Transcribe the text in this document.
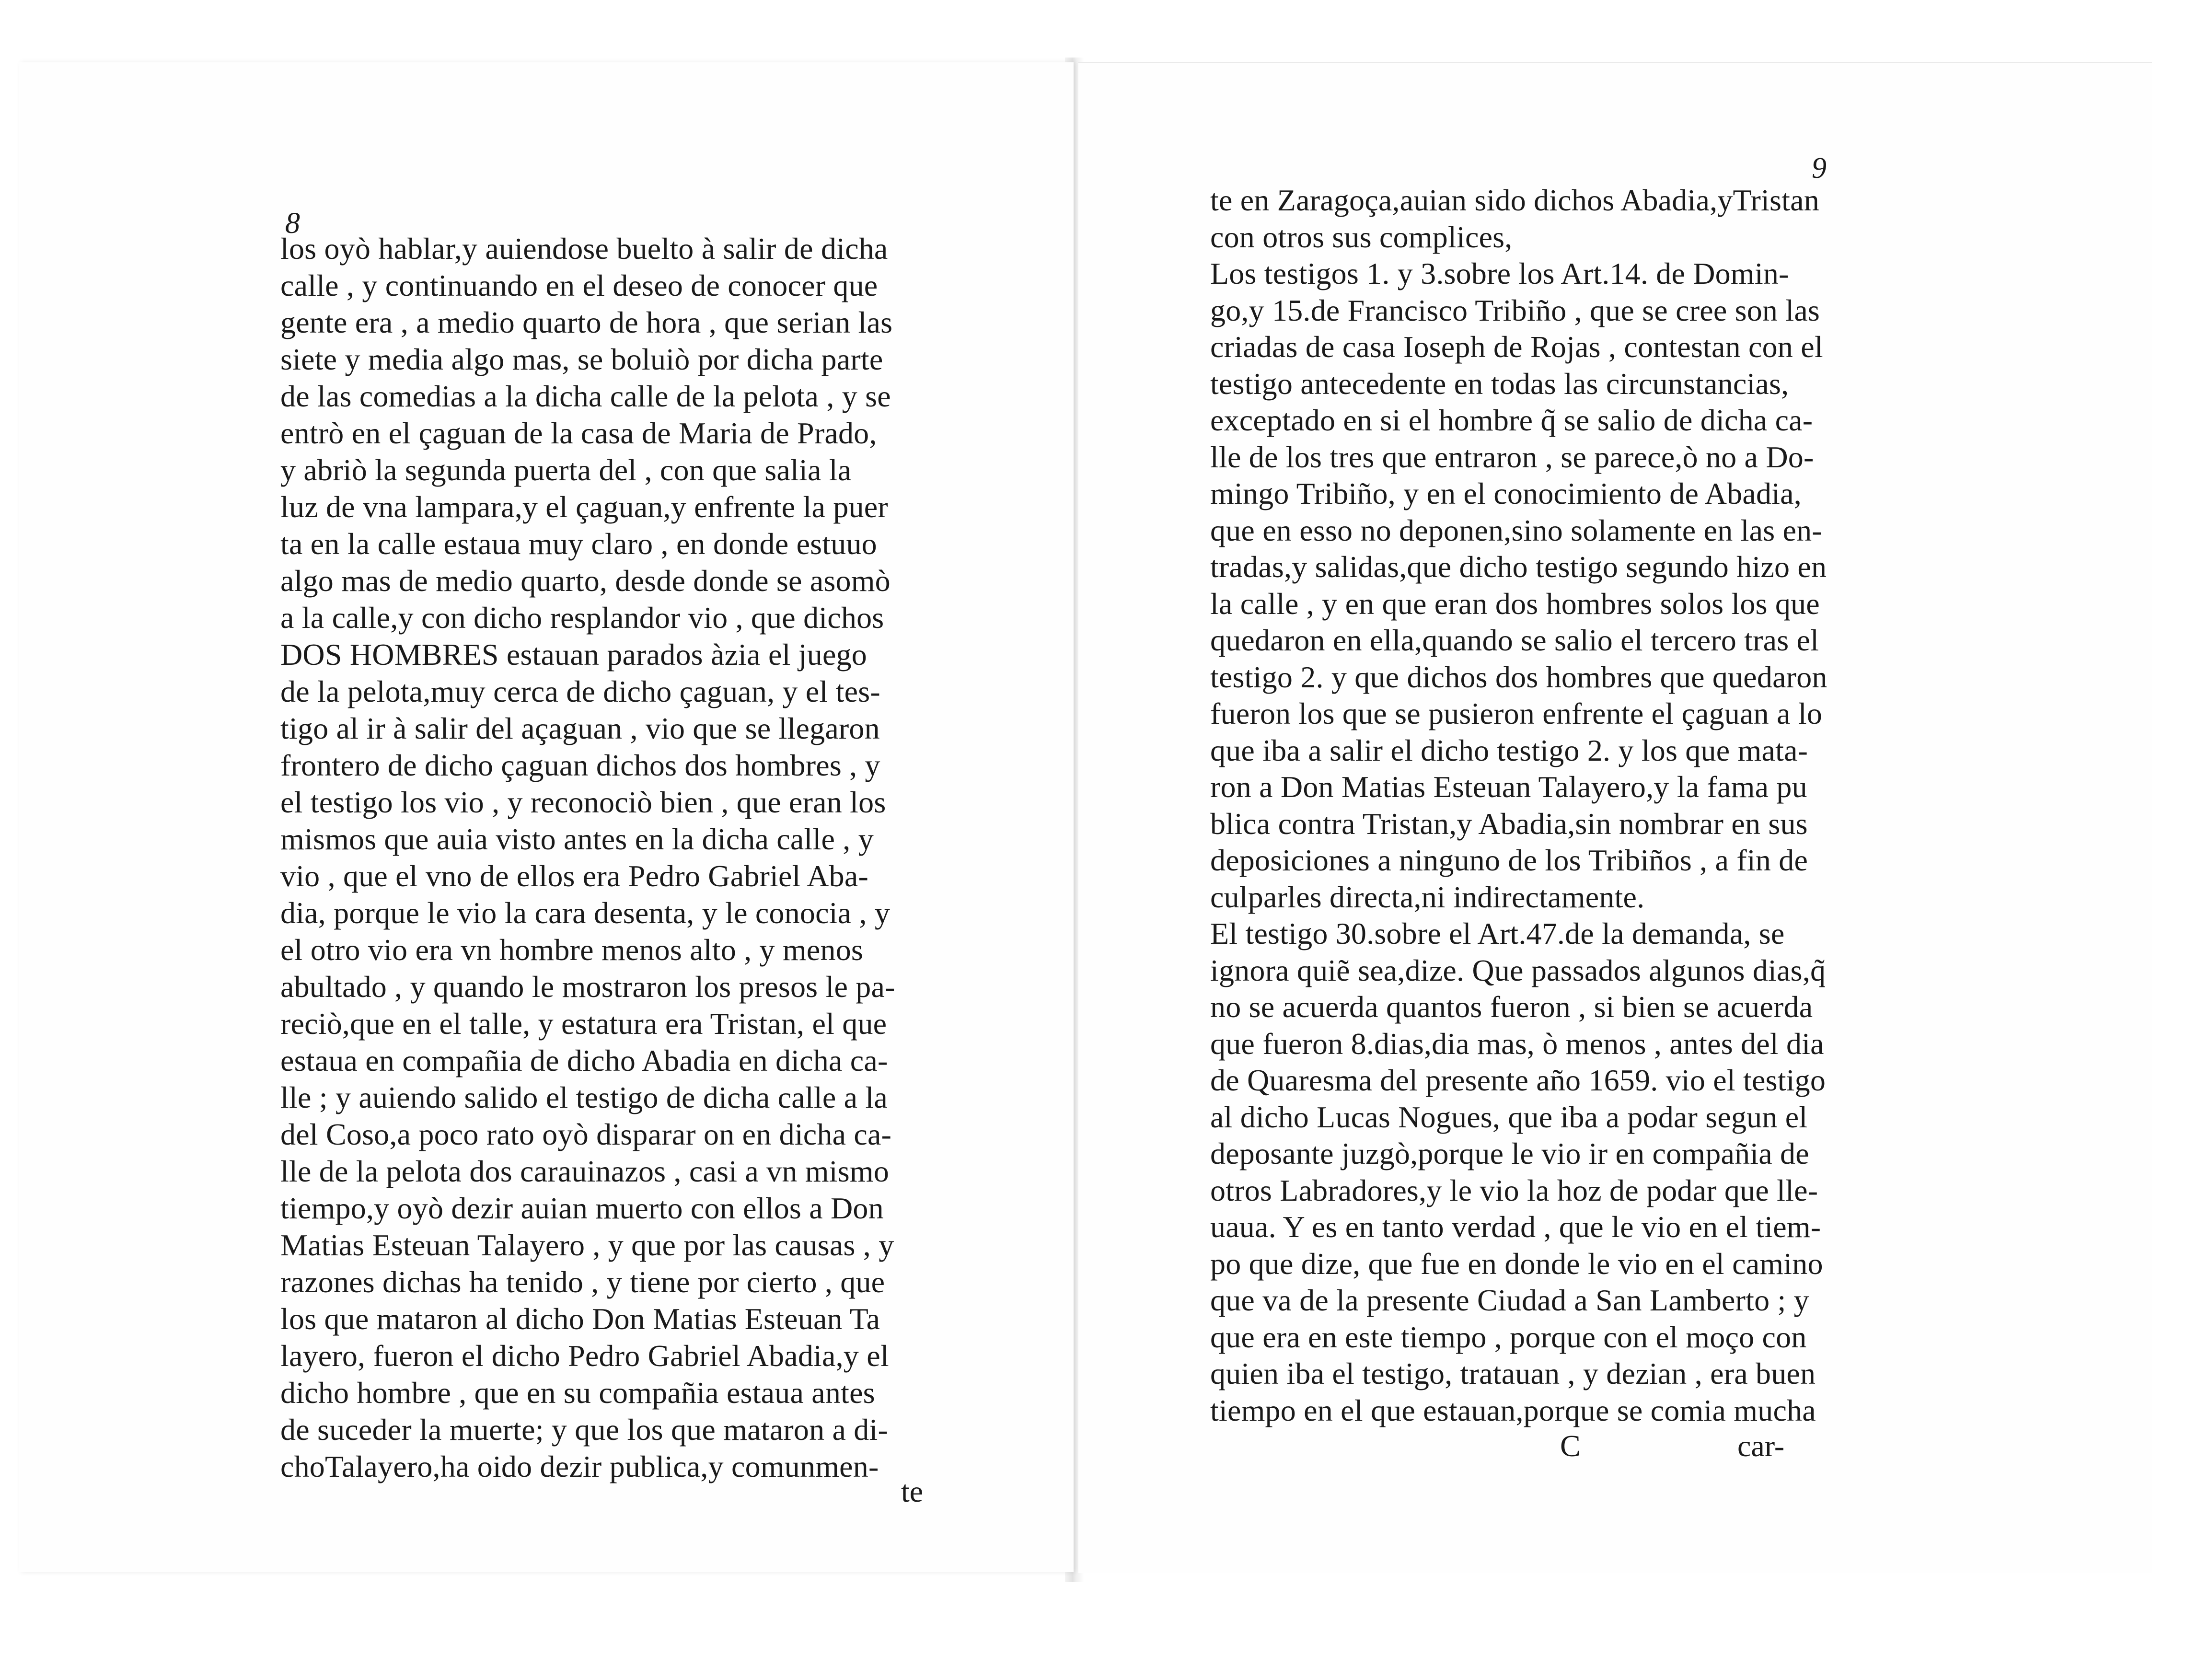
8
los oyò hablar,y auiendose buelto à salir de dicha
calle , y continuando en el deseo de conocer que
gente era , a medio quarto de hora , que serian las
siete y media algo mas, se boluiò por dicha parte
de las comedias a la dicha calle de la pelota , y se
entrò en el çaguan de la casa de Maria de Prado,
y abriò la segunda puerta del , con que salia la
luz de vna lampara,y el çaguan,y enfrente la puer
ta en la calle estaua muy claro , en donde estuuo
algo mas de medio quarto, desde donde se asomò
a la calle,y con dicho resplandor vio , que dichos
DOS HOMBRES estauan parados àzia el juego
de la pelota,muy cerca de dicho çaguan, y el tes-
tigo al ir à salir del açaguan , vio que se llegaron
frontero de dicho çaguan dichos dos hombres , y
el testigo los vio , y reconociò bien , que eran los
mismos que auia visto antes en la dicha calle , y
vio , que el vno de ellos era Pedro Gabriel Aba-
dia, porque le vio la cara desenta, y le conocia , y
el otro vio era vn hombre menos alto , y menos
abultado , y quando le mostraron los presos le pa-
reciò,que en el talle, y estatura era Tristan, el que
estaua en compañia de dicho Abadia en dicha ca-
lle ; y auiendo salido el testigo de dicha calle a la
del Coso,a poco rato oyò disparar on en dicha ca-
lle de la pelota dos carauinazos , casi a vn mismo
tiempo,y oyò dezir auian muerto con ellos a Don
Matias Esteuan Talayero , y que por las causas , y
razones dichas ha tenido , y tiene por cierto , que
los que mataron al dicho Don Matias Esteuan Ta
layero, fueron el dicho Pedro Gabriel Abadia,y el
dicho hombre , que en su compañia estaua antes
de suceder la muerte; y que los que mataron a di-
choTalayero,ha oido dezir publica,y comunmen-
te
9
te en Zaragoça,auian sido dichos Abadia,yTristan
con otros sus complices,
Los testigos 1. y 3.sobre los Art.14. de Domin-
go,y 15.de Francisco Tribiño , que se cree son las
criadas de casa Ioseph de Rojas , contestan con el
testigo antecedente en todas las circunstancias,
exceptado en si el hombre q̃ se salio de dicha ca-
lle de los tres que entraron , se parece,ò no a Do-
mingo Tribiño, y en el conocimiento de Abadia,
que en esso no deponen,sino solamente en las en-
tradas,y salidas,que dicho testigo segundo hizo en
la calle , y en que eran dos hombres solos los que
quedaron en ella,quando se salio el tercero tras el
testigo 2. y que dichos dos hombres que quedaron
fueron los que se pusieron enfrente el çaguan a lo
que iba a salir el dicho testigo 2. y los que mata-
ron a Don Matias Esteuan Talayero,y la fama pu
blica contra Tristan,y Abadia,sin nombrar en sus
deposiciones a ninguno de los Tribiños , a fin de
culparles directa,ni indirectamente.
El testigo 30.sobre el Art.47.de la demanda, se
ignora quiẽ sea,dize. Que passados algunos dias,q̃
no se acuerda quantos fueron , si bien se acuerda
que fueron 8.dias,dia mas, ò menos , antes del dia
de Quaresma del presente año 1659. vio el testigo
al dicho Lucas Nogues, que iba a podar segun el
deposante juzgò,porque le vio ir en compañia de
otros Labradores,y le vio la hoz de podar que lle-
uaua. Y es en tanto verdad , que le vio en el tiem-
po que dize, que fue en donde le vio en el camino
que va de la presente Ciudad a San Lamberto ; y
que era en este tiempo , porque con el moço con
quien iba el testigo, tratauan , y dezian , era buen
tiempo en el que estauan,porque se comia mucha
C	car-
